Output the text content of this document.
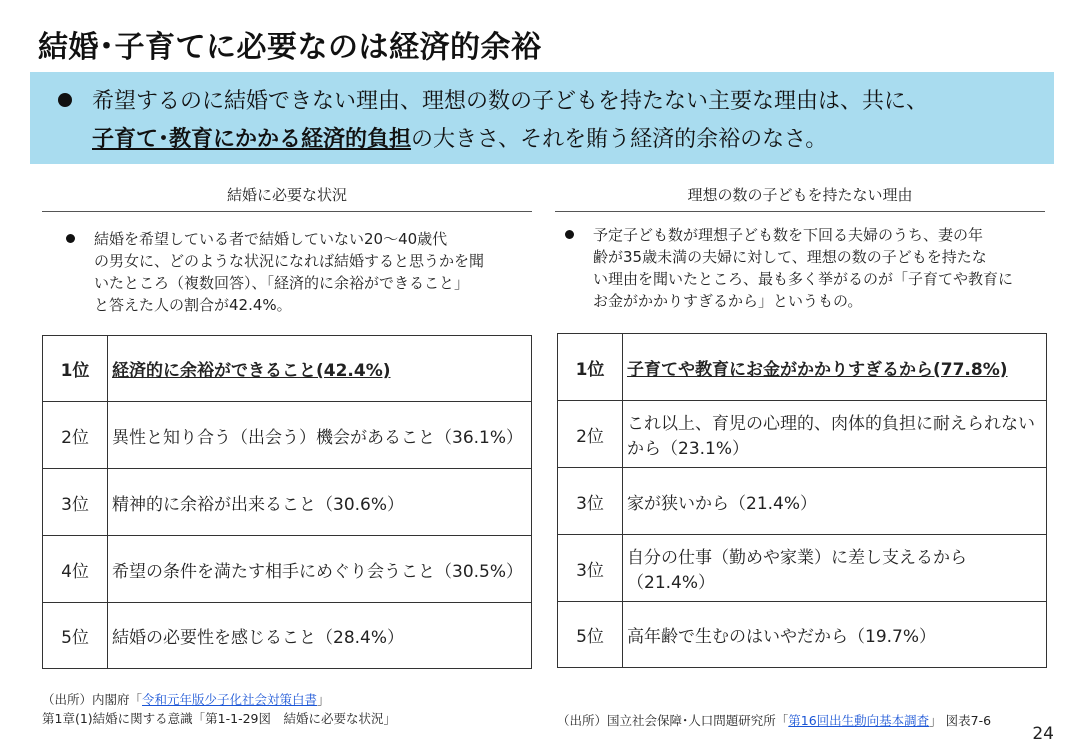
結婚･子育てに必要なのは経済的余裕
希望するのに結婚できない理由、理想の数の子どもを持たない主要な理由は、共に、
子育て･教育にかかる経済的負担の大きさ、それを賄う経済的余裕のなさ。
結婚に必要な状況
結婚を希望している者で結婚していない20～40歳代
の男女に、どのような状況になれば結婚すると思うかを聞
いたところ（複数回答）、「経済的に余裕ができること」
と答えた人の割合が42.4%。
1位	経済的に余裕ができること(42.4%)
2位	異性と知り合う（出会う）機会があること（36.1%）
3位	精神的に余裕が出来ること（30.6%）
4位	希望の条件を満たす相手にめぐり会うこと（30.5%）
5位	結婚の必要性を感じること（28.4%）
理想の数の子どもを持たない理由
予定子ども数が理想子ども数を下回る夫婦のうち、妻の年
齢が35歳未満の夫婦に対して、理想の数の子どもを持たな
い理由を聞いたところ、最も多く挙がるのが「子育てや教育に
お金がかかりすぎるから」というもの。
1位	子育てや教育にお金がかかりすぎるから(77.8%)
2位	これ以上、育児の心理的、肉体的負担に耐えられないから（23.1%）
3位	家が狭いから（21.4%）
3位	自分の仕事（勤めや家業）に差し支えるから（21.4%）
5位	高年齢で生むのはいやだから（19.7%）
（出所）内閣府「令和元年版少子化社会対策白書」
第1章(1)結婚に関する意識「第1-1-29図　結婚に必要な状況」	（出所）国立社会保障･人口問題研究所「第16回出生動向基本調査」 図表7-6
24
